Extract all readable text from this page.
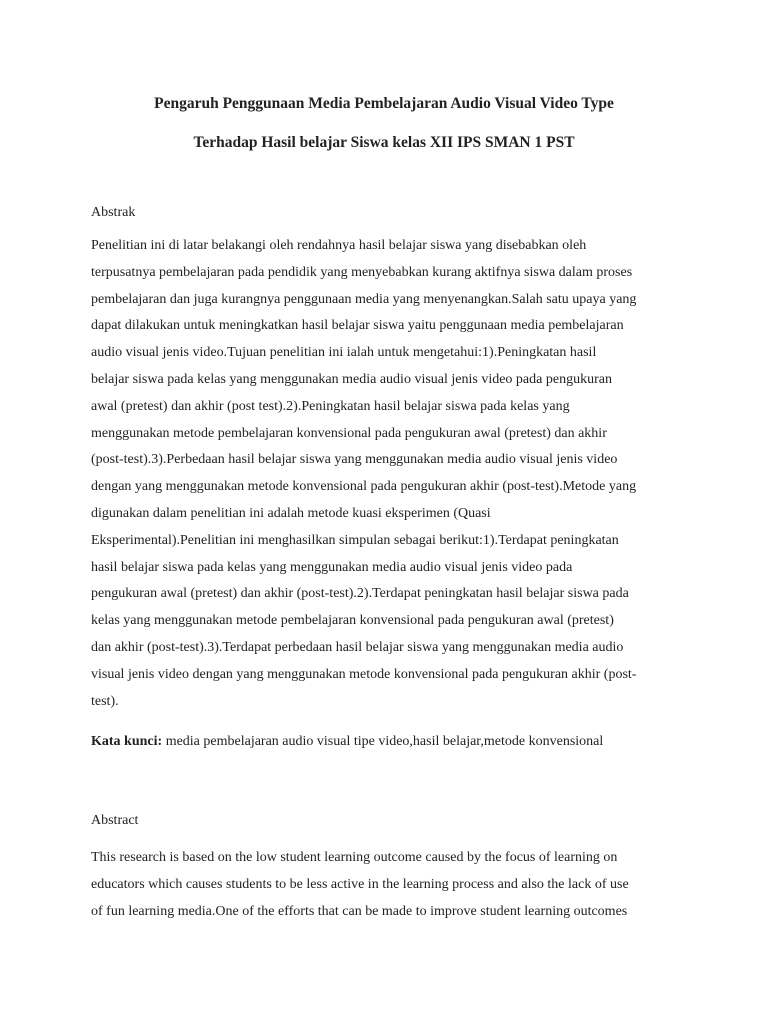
Pengaruh Penggunaan Media Pembelajaran Audio Visual Video Type
Terhadap Hasil belajar Siswa kelas XII IPS SMAN 1 PST
Abstrak
Penelitian ini di latar belakangi oleh rendahnya hasil belajar siswa yang disebabkan oleh
terpusatnya pembelajaran pada pendidik yang menyebabkan kurang aktifnya siswa dalam proses
pembelajaran dan juga kurangnya penggunaan media yang menyenangkan.Salah satu upaya yang
dapat dilakukan untuk meningkatkan hasil belajar siswa yaitu penggunaan media pembelajaran
audio visual jenis video.Tujuan penelitian ini ialah untuk mengetahui:1).Peningkatan hasil
belajar siswa pada kelas yang menggunakan media audio visual jenis video pada pengukuran
awal (pretest) dan akhir (post test).2).Peningkatan hasil belajar siswa pada kelas yang
menggunakan metode pembelajaran konvensional pada pengukuran awal (pretest) dan akhir
(post-test).3).Perbedaan hasil belajar siswa yang menggunakan media audio visual jenis video
dengan yang menggunakan metode konvensional pada pengukuran akhir (post-test).Metode yang
digunakan dalam penelitian ini adalah metode kuasi eksperimen (Quasi
Eksperimental).Penelitian ini menghasilkan simpulan sebagai berikut:1).Terdapat peningkatan
hasil belajar siswa pada kelas yang menggunakan media audio visual jenis video pada
pengukuran awal (pretest) dan akhir (post-test).2).Terdapat peningkatan hasil belajar siswa pada
kelas yang menggunakan metode pembelajaran konvensional pada pengukuran awal (pretest)
dan akhir (post-test).3).Terdapat perbedaan hasil belajar siswa yang menggunakan media audio
visual jenis video dengan yang menggunakan metode konvensional pada pengukuran akhir (post-
test).

Kata kunci: media pembelajaran audio visual tipe video,hasil belajar,metode konvensional

Abstract
This research is based on the low student learning outcome caused by the focus of learning on
educators which causes students to be less active in the learning process and also the lack of use
of fun learning media.One of the efforts that can be made to improve student learning outcomes
